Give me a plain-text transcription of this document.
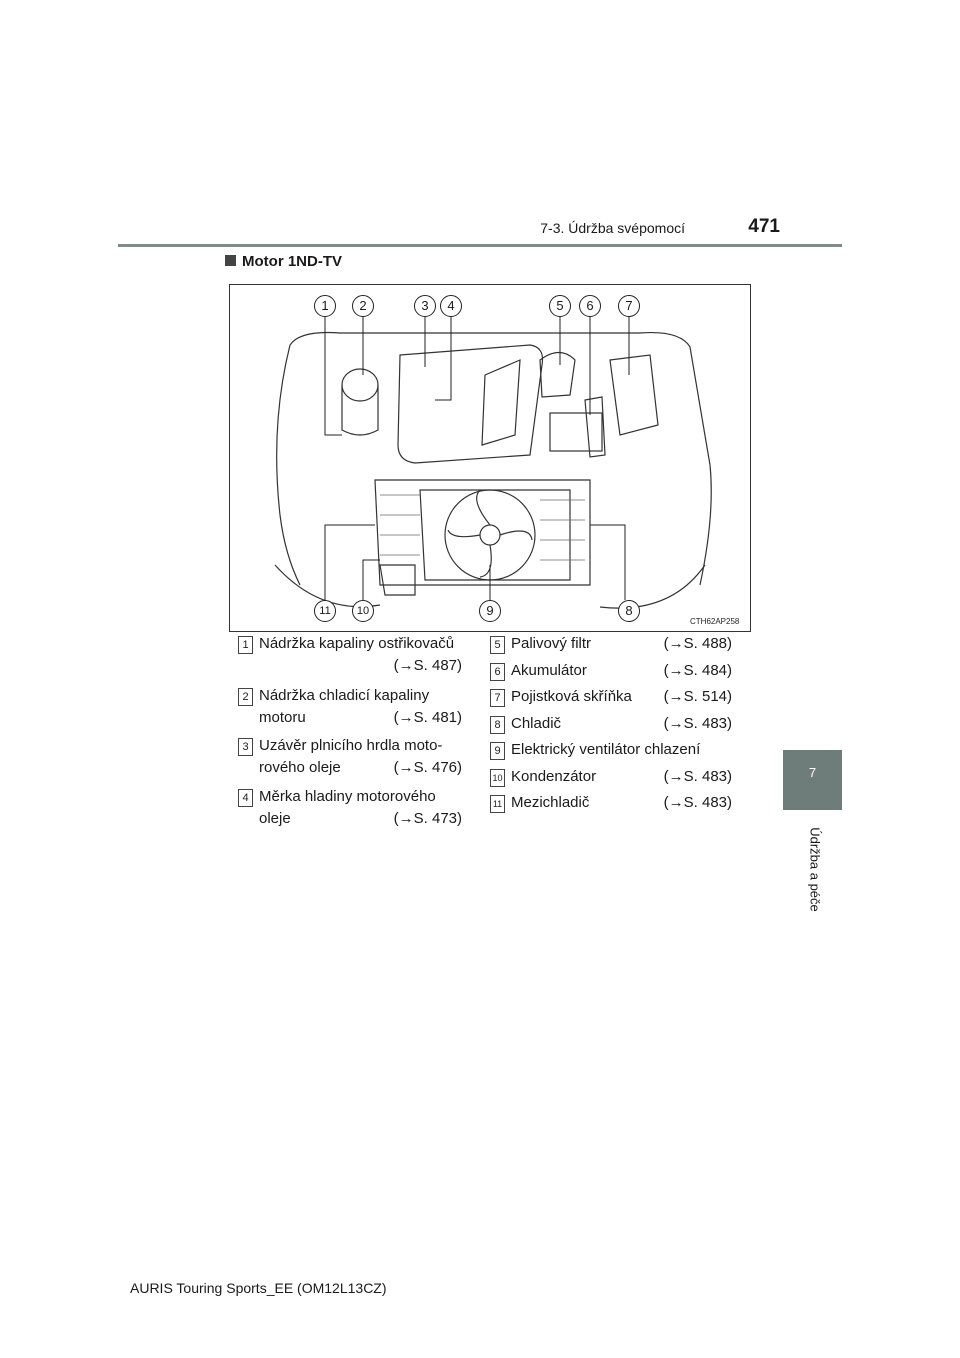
7-3. Údržba svépomocí	471
7
Údržba a péče
Motor 1ND-TV
1	2	3	4	5	6	7
8
9
10
11
CTH62AP258
1 Nádržka kapaliny ostřikovačů
(→S. 487)
2 Nádržka chladicí kapaliny
motoru	(→S. 481)
3 Uzávěr plnicího hrdla moto-
rového oleje	(→S. 476)
4 Měrka hladiny motorového
oleje	(→S. 473)
5 Palivový filtr	(→S. 488)
6 Akumulátor	(→S. 484)
7 Pojistková skříňka (→S. 514)
8 Chladič	(→S. 483)
9 Elektrický ventilátor chlazení
10 Kondenzátor	(→S. 483)
11 Mezichladič	(→S. 483)
AURIS Touring Sports_EE (OM12L13CZ)
